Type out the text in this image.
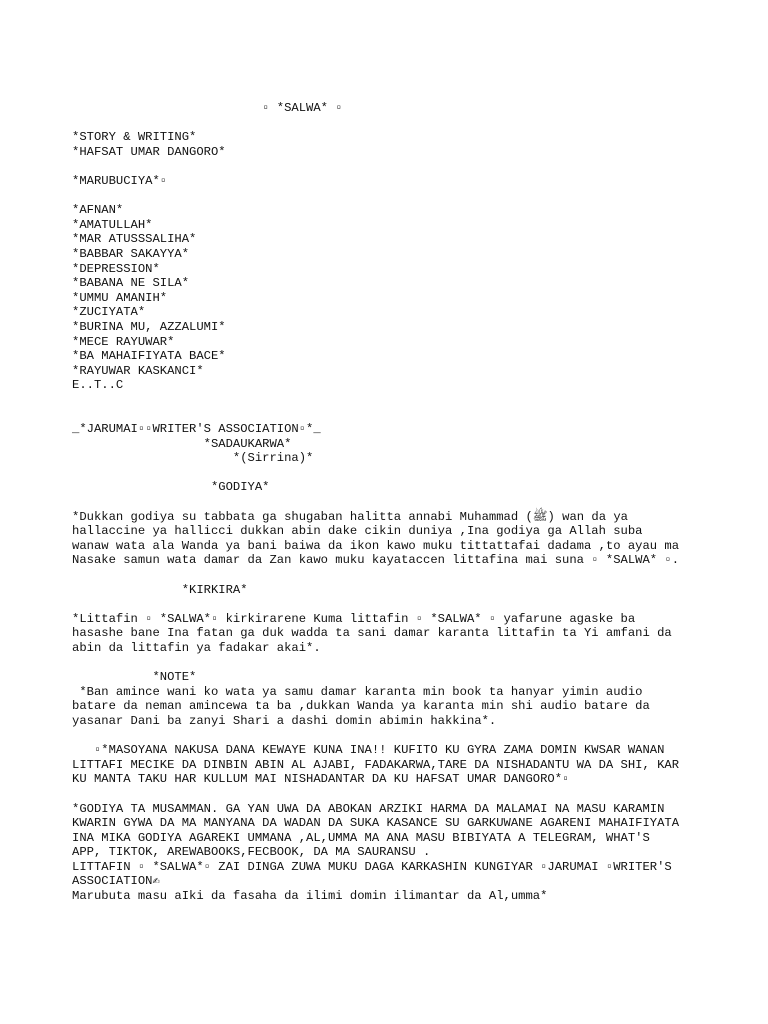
▫ *SALWA* ▫
*STORY & WRITING*
*HAFSAT UMAR DANGORO*
*MARUBUCIYA*▫
*AFNAN*
*AMATULLAH*
*MAR ATUSSSALIHA*
*BABBAR SAKAYYA*
*DEPRESSION*
*BABANA NE SILA*
*UMMU AMANIH*
*ZUCIYATA*
*BURINA MU, AZZALUMI*
*MECE RAYUWAR*
*BA MAHAIFIYATA BACE*
*RAYUWAR KASKANCI*
E..T..C
_*JARUMAI▫▫WRITER'S ASSOCIATION▫*_
*SADAUKARWA*
*(Sirrina)*
*GODIYA*
*Dukkan godiya su tabbata ga shugaban halitta annabi Muhammad (ﷺ) wan da ya
hallaccine ya hallicci dukkan abin dake cikin duniya ,Ina godiya ga Allah suba
wanaw wata ala Wanda ya bani baiwa da ikon kawo muku tittattafai dadama ,to ayau ma
Nasake samun wata damar da Zan kawo muku kayataccen littafina mai suna ▫ *SALWA* ▫.
*KIRKIRA*
*Littafin ▫ *SALWA*▫ kirkirarene Kuma littafin ▫ *SALWA* ▫ yafarune agaske ba
hasashe bane Ina fatan ga duk wadda ta sani damar karanta littafin ta Yi amfani da
abin da littafin ya fadakar akai*.
*NOTE*
*Ban amince wani ko wata ya samu damar karanta min book ta hanyar yimin audio
batare da neman amincewa ta ba ,dukkan Wanda ya karanta min shi audio batare da
yasanar Dani ba zanyi Shari a dashi domin abimin hakkina*.
▫*MASOYANA NAKUSA DANA KEWAYE KUNA INA!! KUFITO KU GYRA ZAMA DOMIN KWSAR WANAN
LITTAFI MECIKE DA DINBIN ABIN AL AJABI, FADAKARWA,TARE DA NISHADANTU WA DA SHI, KAR
KU MANTA TAKU HAR KULLUM MAI NISHADANTAR DA KU HAFSAT UMAR DANGORO*▫
*GODIYA TA MUSAMMAN. GA YAN UWA DA ABOKAN ARZIKI HARMA DA MALAMAI NA MASU KARAMIN
KWARIN GYWA DA MA MANYANA DA WADAN DA SUKA KASANCE SU GARKUWANE AGARENI MAHAIFIYATA
INA MIKA GODIYA AGAREKI UMMANA ,AL,UMMA MA ANA MASU BIBIYATA A TELEGRAM, WHAT'S
APP, TIKTOK, AREWABOOKS,FECBOOK, DA MA SAURANSU .
LITTAFIN ▫ *SALWA*▫ ZAI DINGA ZUWA MUKU DAGA KARKASHIN KUNGIYAR ▫JARUMAI ▫WRITER'S
ASSOCIATION✍
Marubuta masu aIki da fasaha da ilimi domin ilimantar da Al,umma*
